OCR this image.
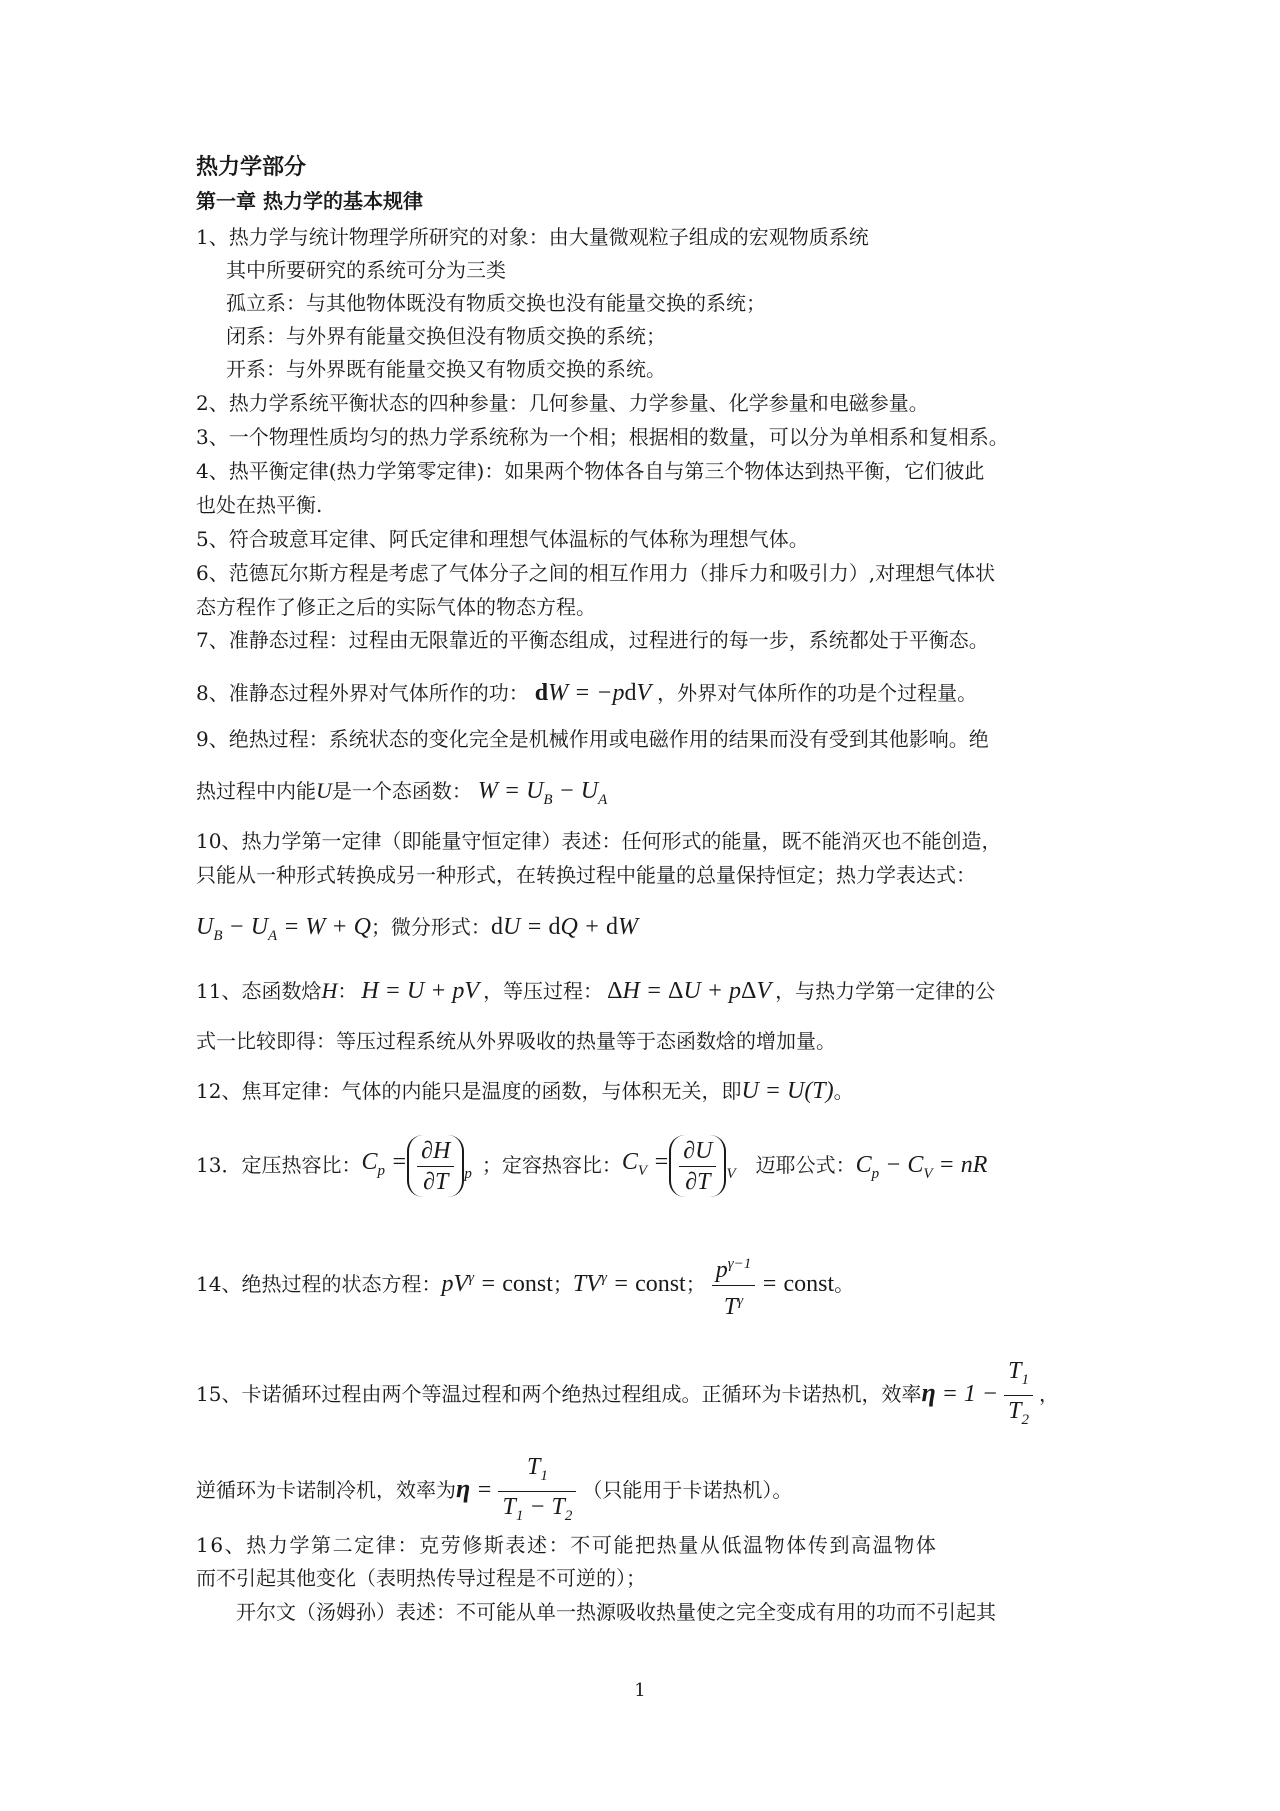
热力学部分
第一章 热力学的基本规律
1、热力学与统计物理学所研究的对象：由大量微观粒子组成的宏观物质系统
其中所要研究的系统可分为三类
孤立系：与其他物体既没有物质交换也没有能量交换的系统；
闭系：与外界有能量交换但没有物质交换的系统；
开系：与外界既有能量交换又有物质交换的系统。
2、热力学系统平衡状态的四种参量：几何参量、力学参量、化学参量和电磁参量。
3、一个物理性质均匀的热力学系统称为一个相；根据相的数量，可以分为单相系和复相系。
4、热平衡定律(热力学第零定律)：如果两个物体各自与第三个物体达到热平衡，它们彼此
也处在热平衡.
5、符合玻意耳定律、阿氏定律和理想气体温标的气体称为理想气体。
6、范德瓦尔斯方程是考虑了气体分子之间的相互作用力（排斥力和吸引力）,对理想气体状
态方程作了修正之后的实际气体的物态方程。
7、准静态过程：过程由无限靠近的平衡态组成，过程进行的每一步，系统都处于平衡态。
8、准静态过程外界对气体所作的功： dW = −pdV ，外界对气体所作的功是个过程量。
9、绝热过程：系统状态的变化完全是机械作用或电磁作用的结果而没有受到其他影响。绝
热过程中内能U是一个态函数： $W = U_B - U_A$
10、热力学第一定律（即能量守恒定律）表述：任何形式的能量，既不能消灭也不能创造，
只能从一种形式转换成另一种形式，在转换过程中能量的总量保持恒定；热力学表达式：
$U_B - U_A = W + Q$；微分形式：dU = dQ + dW
11、态函数焓H： H = U + pV ，等压过程： ΔH = ΔU + pΔV ，与热力学第一定律的公
式一比较即得：等压过程系统从外界吸收的热量等于态函数焓的增加量。
12、焦耳定律：气体的内能只是温度的函数，与体积无关，即U = U(T)。
13．定压热容比：$C_p = \frac{\partial H}{\partial T} _p$ ；定容热容比：$C_V = \frac{\partial U}{\partial T} _V$ 迈耶公式：$C_p - C_V$ = nR
14、绝热过程的状态方程：$pV^\gamma$ = const；$TV^\gamma$ = const； $\frac{p^{\gamma-1}}{T^\gamma}$ = const。
15、卡诺循环过程由两个等温过程和两个绝热过程组成。正循环为卡诺热机，效率$\eta = 1 - \frac{T_1}{T_2}$ ，
逆循环为卡诺制冷机，效率为$\eta = \frac{T_1}{T_1 - T_2}$ （只能用于卡诺热机）。
16、热力学第二定律：克劳修斯表述：不可能把热量从低温物体传到高温物体
而不引起其他变化（表明热传导过程是不可逆的）；
开尔文（汤姆孙）表述：不可能从单一热源吸收热量使之完全变成有用的功而不引起其
1
